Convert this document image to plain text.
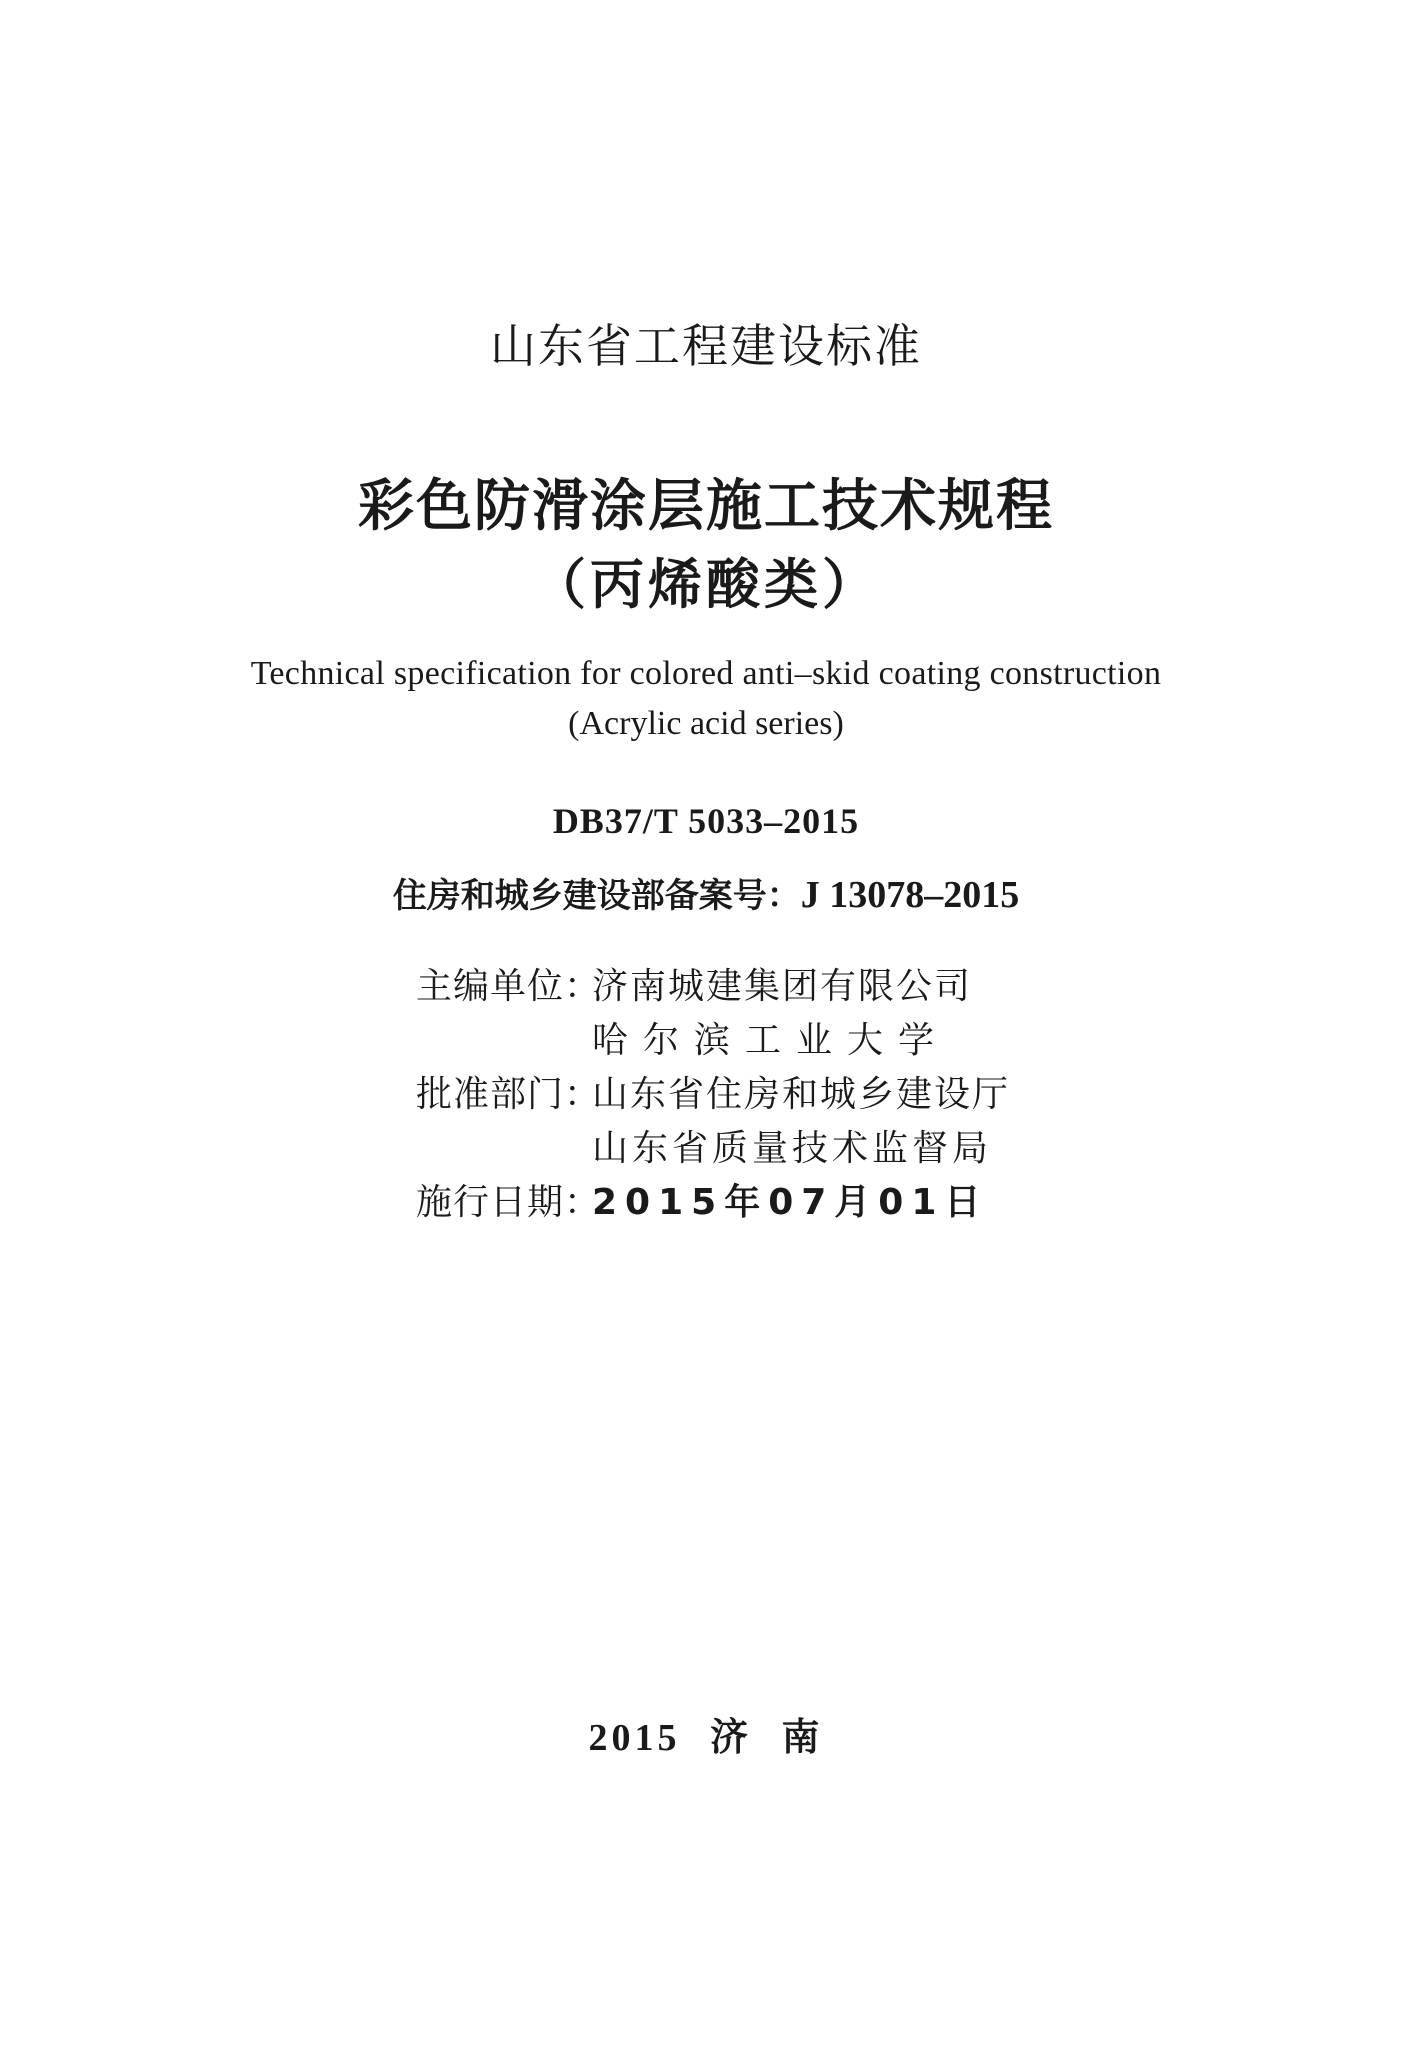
山东省工程建设标准
彩色防滑涂层施工技术规程
（丙烯酸类）
Technical specification for colored anti–skid coating construction
(Acrylic acid series)
DB37/T 5033–2015
住房和城乡建设部备案号：J 13078–2015
主编单位：
济南城建集团有限公司
哈尔滨工业大学
批准部门：
山东省住房和城乡建设厅
山东省质量技术监督局
施行日期：
2015年07月01日
2015 济 南
